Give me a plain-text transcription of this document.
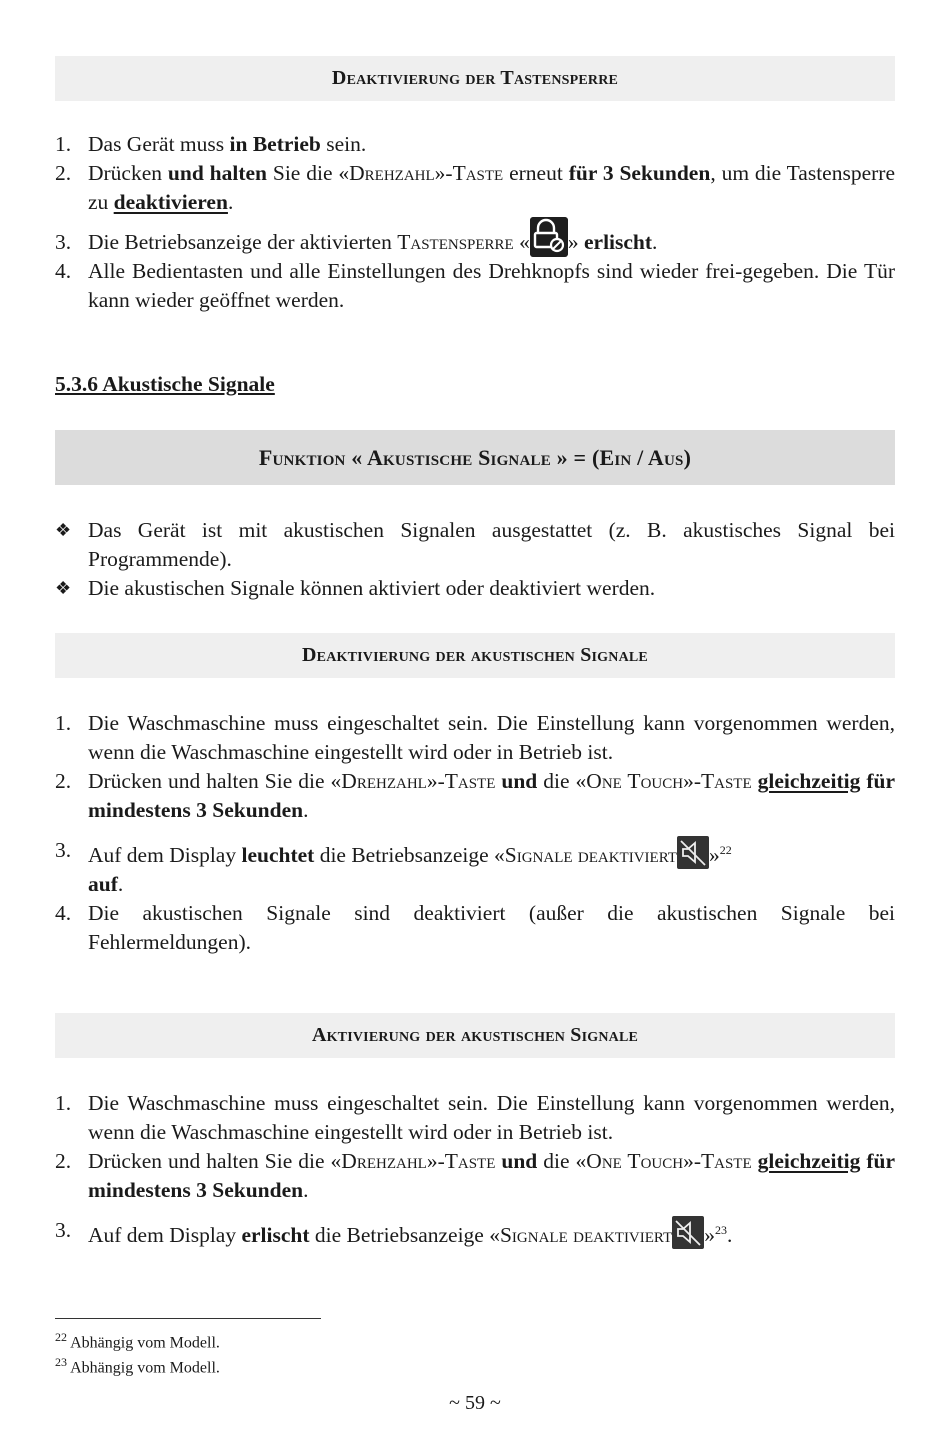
Deaktivierung der Tastensperre
1. Das Gerät muss in Betrieb sein.
2. Drücken und halten Sie die «Drehzahl»-Taste erneut für 3 Sekunden, um die Tastensperre zu deaktivieren.
3. Die Betriebsanzeige der aktivierten Tastensperre « » erlischt.
4. Alle Bedientasten und alle Einstellungen des Drehknopfs sind wieder frei-gegeben. Die Tür kann wieder geöffnet werden.
5.3.6 Akustische Signale
Funktion « Akustische Signale » = (Ein / Aus)
❖ Das Gerät ist mit akustischen Signalen ausgestattet (z. B. akustisches Signal bei Programmende).
❖ Die akustischen Signale können aktiviert oder deaktiviert werden.
Deaktivierung der akustischen Signale
1. Die Waschmaschine muss eingeschaltet sein. Die Einstellung kann vorgenommen werden, wenn die Waschmaschine eingestellt wird oder in Betrieb ist.
2. Drücken und halten Sie die «Drehzahl»-Taste und die «One Touch»-Taste gleichzeitig für mindestens 3 Sekunden.
3. Auf dem Display leuchtet die Betriebsanzeige «Signale deaktiviert »$^{22}$
auf.
4. Die akustischen Signale sind deaktiviert (außer die akustischen Signale bei Fehlermeldungen).
Aktivierung der akustischen Signale
1. Die Waschmaschine muss eingeschaltet sein. Die Einstellung kann vorgenommen werden, wenn die Waschmaschine eingestellt wird oder in Betrieb ist.
2. Drücken und halten Sie die «Drehzahl»-Taste und die «One Touch»-Taste gleichzeitig für mindestens 3 Sekunden.
3. Auf dem Display erlischt die Betriebsanzeige «Signale deaktiviert »$^{23}$.
$^{22}$ Abhängig vom Modell.
$^{23}$ Abhängig vom Modell.
~ 59 ~
